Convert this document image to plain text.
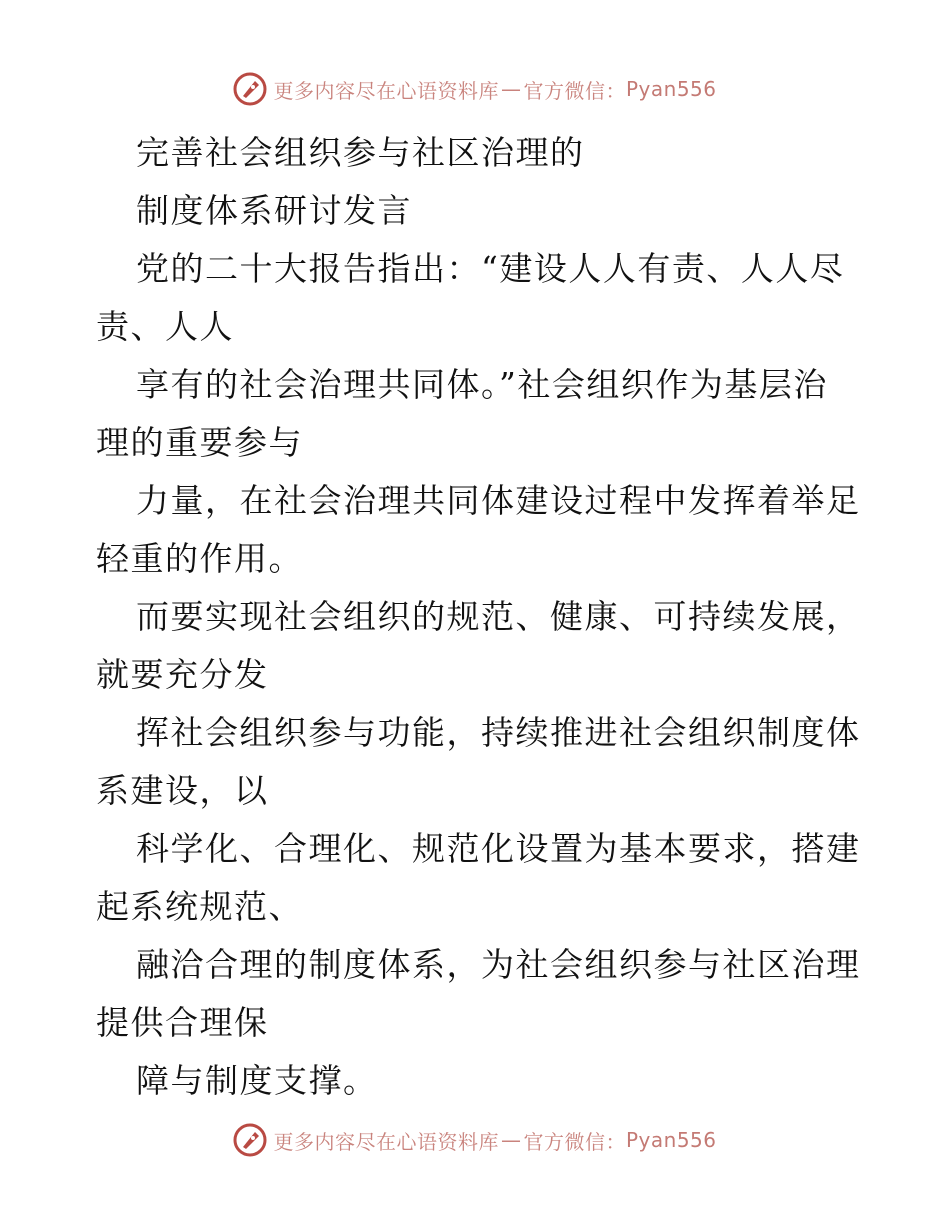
更多内容尽在心语资料库 — 官方微信： Pyan556

完善社会组织参与社区治理的

制度体系研讨发言

党的二十大报告指出：“建设人人有责、人人尽

责、人人

享有的社会治理共同体。”社会组织作为基层治

理的重要参与

力量，在社会治理共同体建设过程中发挥着举足

轻重的作用。

而要实现社会组织的规范、健康、可持续发展，

就要充分发

挥社会组织参与功能，持续推进社会组织制度体

系建设，以

科学化、合理化、规范化设置为基本要求，搭建

起系统规范、

融洽合理的制度体系，为社会组织参与社区治理

提供合理保

障与制度支撑。

更多内容尽在心语资料库 — 官方微信： Pyan556
